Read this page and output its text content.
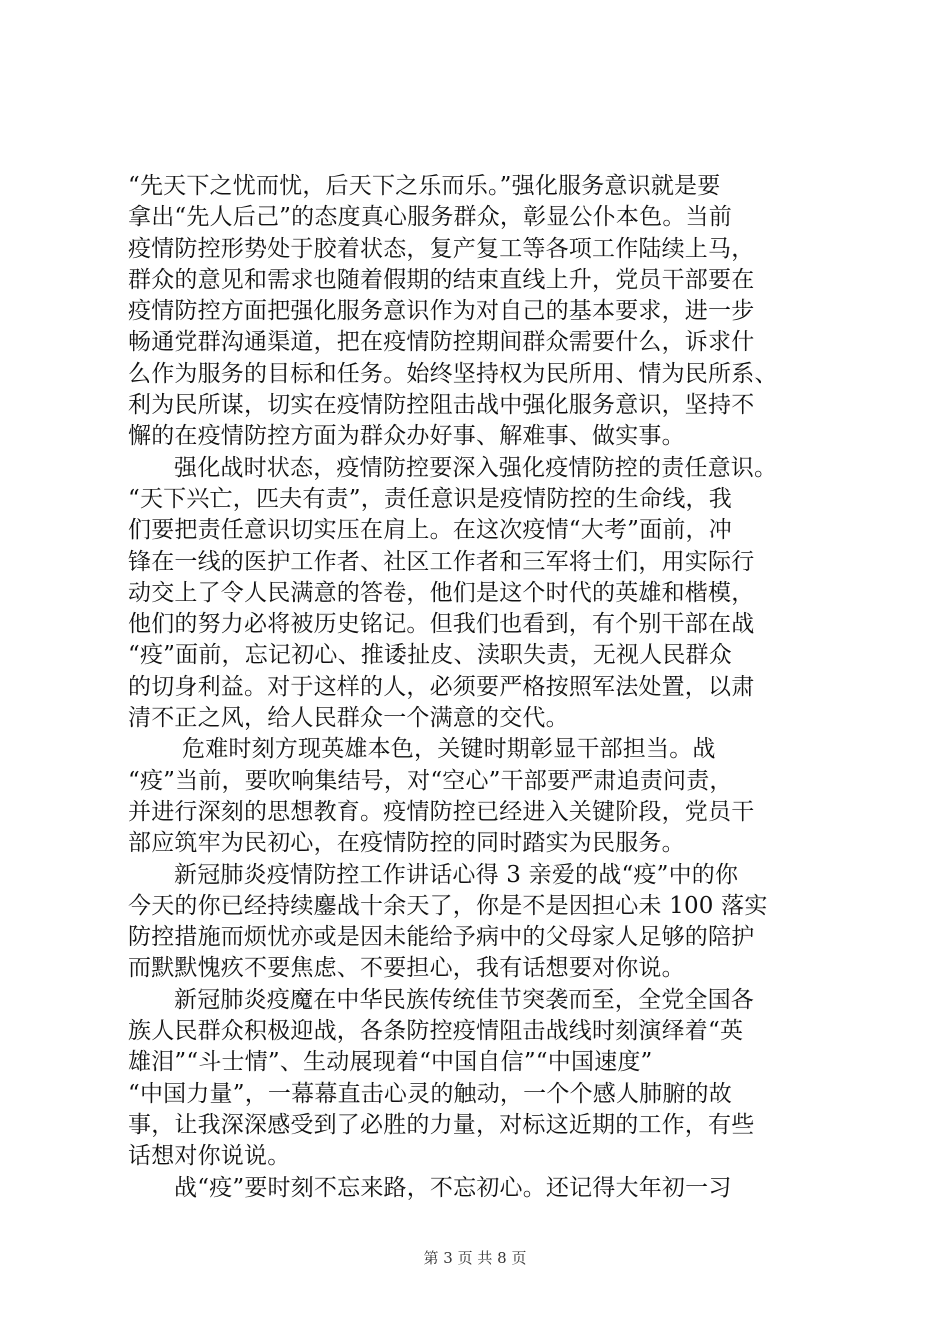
“先天下之忧而忧，后天下之乐而乐。”强化服务意识就是要
拿出“先人后己”的态度真心服务群众，彰显公仆本色。当前
疫情防控形势处于胶着状态，复产复工等各项工作陆续上马，
群众的意见和需求也随着假期的结束直线上升，党员干部要在
疫情防控方面把强化服务意识作为对自己的基本要求，进一步
畅通党群沟通渠道，把在疫情防控期间群众需要什么，诉求什
么作为服务的目标和任务。始终坚持权为民所用、情为民所系、
利为民所谋，切实在疫情防控阻击战中强化服务意识，坚持不
懈的在疫情防控方面为群众办好事、解难事、做实事。
强化战时状态，疫情防控要深入强化疫情防控的责任意识。
“天下兴亡，匹夫有责”，责任意识是疫情防控的生命线，我
们要把责任意识切实压在肩上。在这次疫情“大考”面前，冲
锋在一线的医护工作者、社区工作者和三军将士们，用实际行
动交上了令人民满意的答卷，他们是这个时代的英雄和楷模，
他们的努力必将被历史铭记。但我们也看到，有个别干部在战
“疫”面前，忘记初心、推诿扯皮、渎职失责，无视人民群众
的切身利益。对于这样的人，必须要严格按照军法处置，以肃
清不正之风，给人民群众一个满意的交代。
危难时刻方现英雄本色，关键时期彰显干部担当。战
“疫”当前，要吹响集结号，对“空心”干部要严肃追责问责，
并进行深刻的思想教育。疫情防控已经进入关键阶段，党员干
部应筑牢为民初心，在疫情防控的同时踏实为民服务。
新冠肺炎疫情防控工作讲话心得 3 亲爱的战“疫”中的你
今天的你已经持续鏖战十余天了，你是不是因担心未 100 落实
防控措施而烦忧亦或是因未能给予病中的父母家人足够的陪护
而默默愧疚不要焦虑、不要担心，我有话想要对你说。
新冠肺炎疫魔在中华民族传统佳节突袭而至，全党全国各
族人民群众积极迎战，各条防控疫情阻击战线时刻演绎着“英
雄泪”“斗士情”、生动展现着“中国自信”“中国速度”
“中国力量”，一幕幕直击心灵的触动，一个个感人肺腑的故
事，让我深深感受到了必胜的力量，对标这近期的工作，有些
话想对你说说。
战“疫”要时刻不忘来路，不忘初心。还记得大年初一习
第 3 页 共 8 页
